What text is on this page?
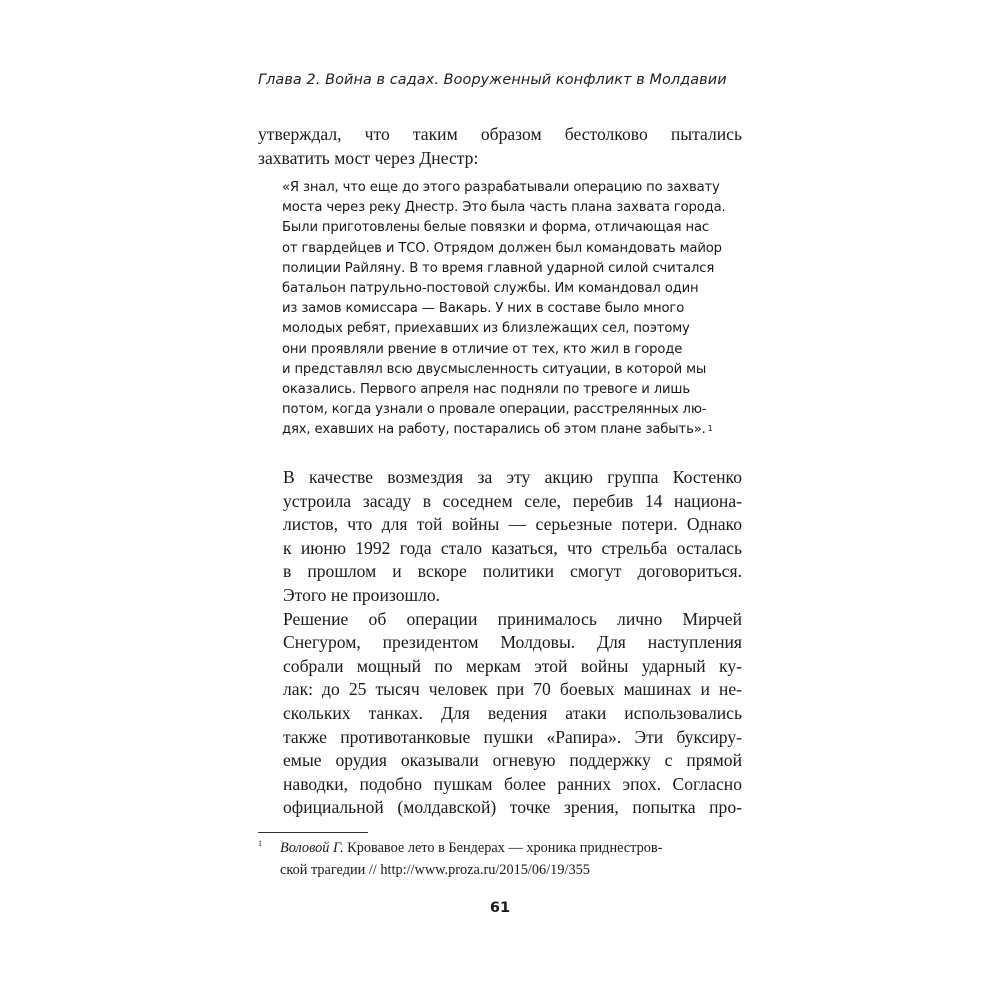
Глава 2. Война в садах. Вооруженный конфликт в Молдавии
утверждал, что таким образом бестолково пытались
захватить мост через Днестр:
«Я знал, что еще до этого разрабатывали операцию по захвату
моста через реку Днестр. Это была часть плана захвата города.
Были приготовлены белые повязки и форма, отличающая нас
от гвардейцев и ТСО. Отрядом должен был командовать майор
полиции Райляну. В то время главной ударной силой считался
батальон патрульно-постовой службы. Им командовал один
из замов комиссара — Вакарь. У них в составе было много
молодых ребят, приехавших из близлежащих сел, поэтому
они проявляли рвение в отличие от тех, кто жил в городе
и представлял всю двусмысленность ситуации, в которой мы
оказались. Первого апреля нас подняли по тревоге и лишь
потом, когда узнали о провале операции, расстрелянных лю-
дях, ехавших на работу, постарались об этом плане забыть». $^1$

В качестве возмездия за эту акцию группа Костенко
устроила засаду в соседнем селе, перебив 14 национа-
листов, что для той войны — серьезные потери. Однако
к июню 1992 года стало казаться, что стрельба осталась
в прошлом и вскоре политики смогут договориться.
Этого не произошло.

Решение об операции принималось лично Мирчей
Снегуром, президентом Молдовы. Для наступления
собрали мощный по меркам этой войны ударный ку-
лак: до 25 тысяч человек при 70 боевых машинах и не-
скольких танках. Для ведения атаки использовались
также противотанковые пушки «Рапира». Эти буксиру-
емые орудия оказывали огневую поддержку с прямой
наводки, подобно пушкам более ранних эпох. Согласно
официальной (молдавской) точке зрения, попытка про-

1 Воловой Г. Кровавое лето в Бендерах — хроника приднестров-
ской трагедии // http://www.proza.ru/2015/06/19/355
61
